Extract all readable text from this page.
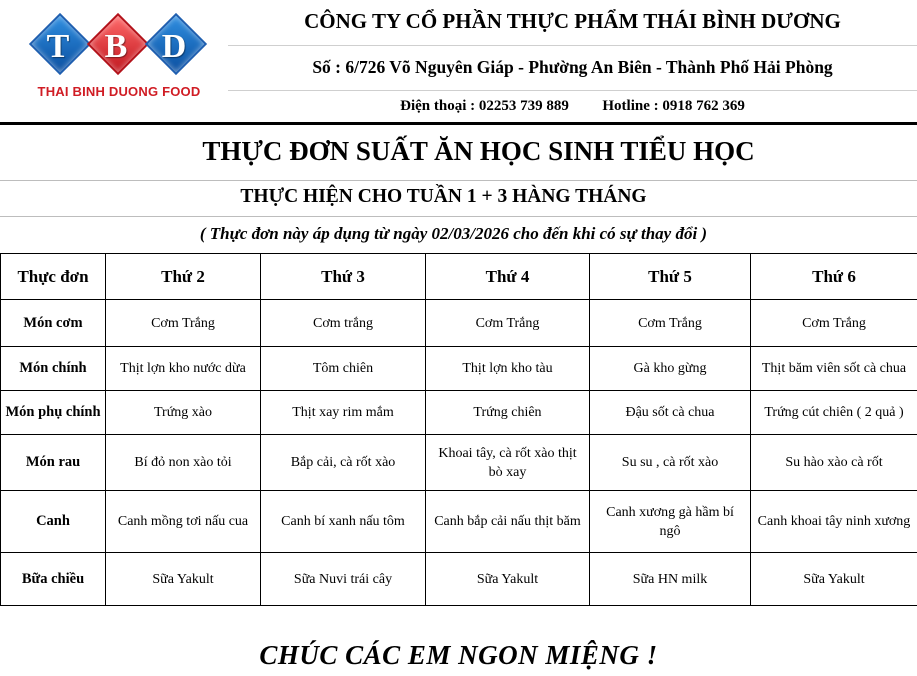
T	B	D
THAI BINH DUONG FOOD
CÔNG TY CỔ PHẦN THỰC PHẨM THÁI BÌNH DƯƠNG
Số : 6/726 Võ Nguyên Giáp - Phường An Biên - Thành Phố Hải Phòng
Điện thoại : 02253 739 889 Hotline : 0918 762 369
THỰC ĐƠN SUẤT ĂN HỌC SINH TIỂU HỌC
THỰC HIỆN CHO TUẦN 1 + 3 HÀNG THÁNG
( Thực đơn này áp dụng từ ngày 02/03/2026 cho đến khi có sự thay đổi )
Thực đơn	Thứ 2	Thứ 3	Thứ 4	Thứ 5	Thứ 6
Món cơm	Cơm Trắng	Cơm trắng	Cơm Trắng	Cơm Trắng	Cơm Trắng
Món chính	Thịt lợn kho nước dừa	Tôm chiên	Thịt lợn kho tàu	Gà kho gừng	Thịt băm viên sốt cà chua
Món phụ chính	Trứng xào	Thịt xay rim mắm	Trứng chiên	Đậu sốt cà chua	Trứng cút chiên ( 2 quả )
Món rau	Bí đỏ non xào tỏi	Bắp cải, cà rốt xào	Khoai tây, cà rốt xào thịt bò xay	Su su , cà rốt xào	Su hào xào cà rốt
Canh	Canh mồng tơi nấu cua	Canh bí xanh nấu tôm	Canh bắp cải nấu thịt băm	Canh xương gà hầm bí ngô	Canh khoai tây ninh xương
Bữa chiều	Sữa Yakult	Sữa Nuvi trái cây	Sữa Yakult	Sữa HN milk	Sữa Yakult
CHÚC CÁC EM NGON MIỆNG !
